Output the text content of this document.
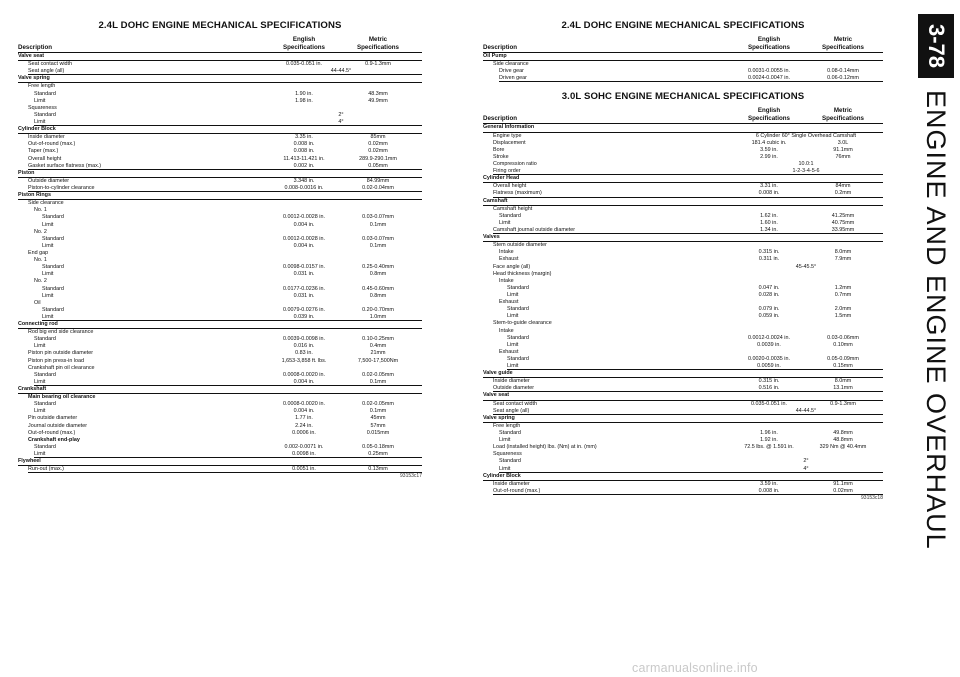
2.4L DOHC ENGINE MECHANICAL SPECIFICATIONS
Description
English
Specifications
Metric
Specifications
Valve seat
Seat contact width	0.035-0.051 in.	0.9-1.3mm
Seat angle (all)	44-44.5°
Valve spring
Free length
Standard	1.90 in.	48.3mm
Limit	1.98 in.	49.9mm
Squareness
Standard	2°
Limit	4°
Cylinder Block
Inside diameter	3.35 in.	85mm
Out-of-round (max.)	0.008 in.	0.02mm
Taper (max.)	0.008 in.	0.02mm
Overall height	11.413-11.421 in.	289.9-290.1mm
Gasket surface flatness (max.)	0.002 in.	0.05mm
Piston
Outside diameter	3.348 in.	84.99mm
Piston-to-cylinder clearance	0.008-0.0016 in.	0.02-0.04mm
Piston Rings
Side clearance
No. 1
Standard	0.0012-0.0028 in.	0.03-0.07mm
Limit	0.004 in.	0.1mm
No. 2
Standard	0.0012-0.0028 in.	0.03-0.07mm
Limit	0.004 in.	0.1mm
End gap
No. 1
Standard	0.0098-0.0157 in.	0.25-0.40mm
Limit	0.031 in.	0.8mm
No. 2
Standard	0.0177-0.0236 in.	0.45-0.60mm
Limit	0.031 in.	0.8mm
Oil
Standard	0.0079-0.0276 in.	0.20-0.70mm
Limit	0.039 in.	1.0mm
Connecting rod
Rod big end side clearance
Standard	0.0039-0.0098 in.	0.10-0.25mm
Limit	0.016 in.	0.4mm
Piston pin outside diameter	0.83 in.	21mm
Piston pin press-in load	1,653-3,858 ft. lbs.	7,500-17,500Nm
Crankshaft pin oil clearance
Standard	0.0008-0.0020 in.	0.02-0.05mm
Limit	0.004 in.	0.1mm
Crankshaft
Main bearing oil clearance
Standard	0.0008-0.0020 in.	0.02-0.05mm
Limit	0.004 in.	0.1mm
Pin outside diameter	1.77 in.	45mm
Journal outside diameter	2.24 in.	57mm
Out-of-round (max.)	0.0006 in.	0.015mm
Crankshaft end-play
Standard	0.002-0.0071 in.	0.05-0.18mm
Limit	0.0098 in.	0.25mm
Flywheel
Run-out (max.)	0.0051 in.	0.13mm
93153c17
2.4L DOHC ENGINE MECHANICAL SPECIFICATIONS
Description
English
Specifications
Metric
Specifications
Oil Pump
Side clearance
Drive gear	0.0031-0.0055 in.	0.08-0.14mm
Driven gear	0.0024-0.0047 in.	0.06-0.12mm
3.0L SOHC ENGINE MECHANICAL SPECIFICATIONS
Description
English
Specifications
Metric
Specifications
General Information
Engine type	6 Cylinder 60° Single Overhead Camshaft
Displacement	181.4 cubic in.	3.0L
Bore	3.59 in.	91.1mm
Stroke	2.99 in.	76mm
Compression ratio	10.0:1
Firing order	1-2-3-4-5-6
Cylinder Head
Overall height	3.31 in.	84mm
Flatness (maximum)	0.008 in.	0.2mm
Camshaft
Camshaft height
Standard	1.62 in.	41.25mm
Limit	1.60 in.	40.75mm
Camshaft journal outside diameter	1.34 in.	33.95mm
Valves
Stem outside diameter
Intake	0.315 in.	8.0mm
Exhaust	0.311 in.	7.9mm
Face angle (all)	45-45.5°
Head thickness (margin)
Intake
Standard	0.047 in.	1.2mm
Limit	0.028 in.	0.7mm
Exhaust
Standard	0.079 in.	2.0mm
Limit	0.059 in.	1.5mm
Stem-to-guide clearance
Intake
Standard	0.0012-0.0024 in.	0.03-0.06mm
Limit	0.0039 in.	0.10mm
Exhaust
Standard	0.0020-0.0035 in.	0.05-0.09mm
Limit	0.0059 in.	0.15mm
Valve guide
Inside diameter	0.315 in.	8.0mm
Outside diameter	0.516 in.	13.1mm
Valve seat
Seat contact width	0.035-0.051 in.	0.9-1.3mm
Seat angle (all)	44-44.5°
Valve spring
Free length
Standard	1.96 in.	49.8mm
Limit	1.92 in.	48.8mm
Load (installed height) lbs. (Nm) at in. (mm)	72.5 lbs. @ 1.591 in.	329 Nm @ 40.4mm
Squareness
Standard	2°
Limit	4°
Cylinder Block
Inside diameter	3.59 in.	91.1mm
Out-of-round (max.)	0.008 in.	0.02mm
93153c18
3-78
ENGINE AND ENGINE OVERHAUL
carmanualsonline.info
